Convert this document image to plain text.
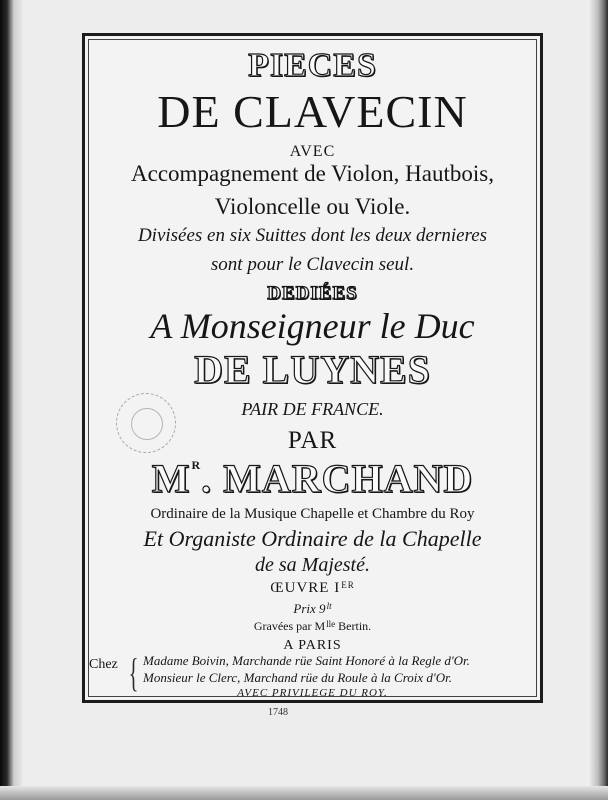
PIECES
DE CLAVECIN
AVEC
Accompagnement de Violon, Hautbois,
Violoncelle ou Viole.
Divisées en six Suittes dont les deux dernieres
sont pour le Clavecin seul.
DEDIÉES
A Monseigneur le Duc
DE LUYNES
PAIR DE FRANCE.
PAR
$M^R$. MARCHAND
Ordinaire de la Musique Chapelle et Chambre du Roy
Et Organiste Ordinaire de la Chapelle
de sa Majesté.
ŒUVRE IER
Prix $9^{lt}$
Gravées par $M^{lle}$ Bertin.
A PARIS
AVEC PRIVILEGE DU ROY.
Chez { Madame Boivin, Marchande rüe Saint Honoré à la Regle d'Or.
Monsieur le Clerc, Marchand rüe du Roule à la Croix d'Or.
1748
